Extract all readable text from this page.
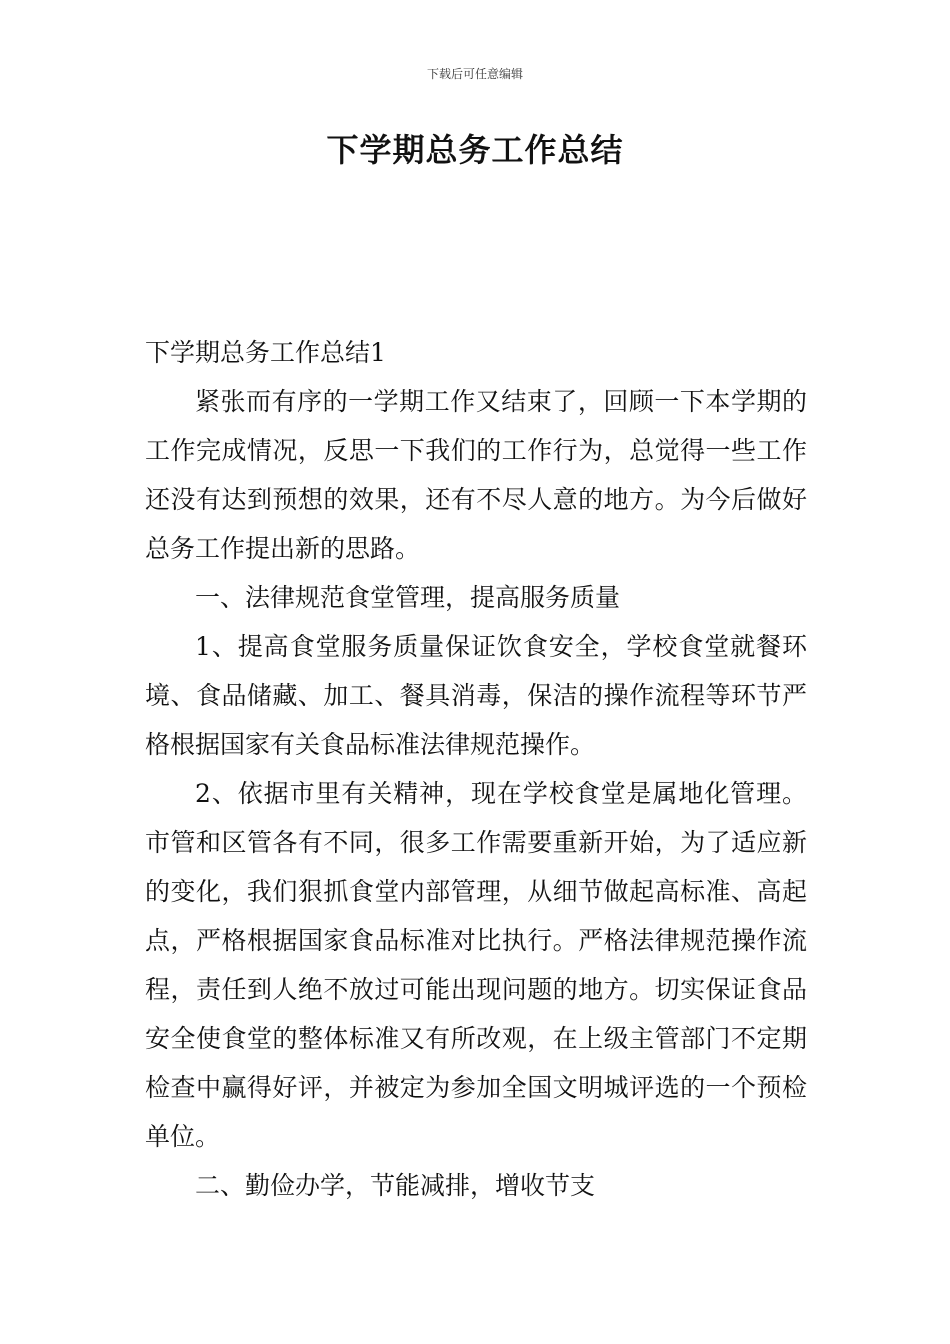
下载后可任意编辑
下学期总务工作总结

下学期总务工作总结1

紧张而有序的一学期工作又结束了，回顾一下本学期的工作完成情况，反思一下我们的工作行为，总觉得一些工作还没有达到预想的效果，还有不尽人意的地方。为今后做好总务工作提出新的思路。

一、法律规范食堂管理，提高服务质量

1、提高食堂服务质量保证饮食安全，学校食堂就餐环境、食品储藏、加工、餐具消毒，保洁的操作流程等环节严格根据国家有关食品标准法律规范操作。

2、依据市里有关精神，现在学校食堂是属地化管理。市管和区管各有不同，很多工作需要重新开始，为了适应新的变化，我们狠抓食堂内部管理，从细节做起高标准、高起点，严格根据国家食品标准对比执行。严格法律规范操作流程，责任到人绝不放过可能出现问题的地方。切实保证食品安全使食堂的整体标准又有所改观，在上级主管部门不定期检查中赢得好评，并被定为参加全国文明城评选的一个预检单位。

二、勤俭办学，节能减排，增收节支
